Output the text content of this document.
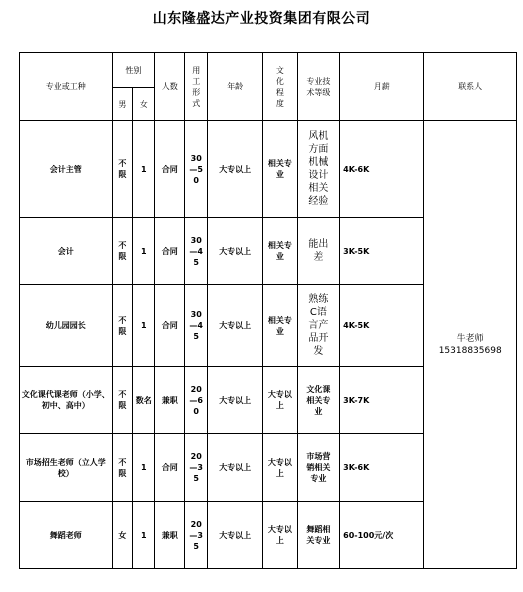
山东隆盛达产业投资集团有限公司
专业或工种	性别		人数	用工形式	年龄	文化程度	专业技术等级	月薪	联系人
	男	女							
会计主管	不限	1	合同	30—50	大专以上	相关专业	风机方面机械设计相关经验	4K-6K	牛老师
15318835698

会计	不限	1	合同	30—45	大专以上	相关专业	能出差	3K-5K	
幼儿园园长	不限	1	合同	30—45	大专以上	相关专业	熟练C语言产品开发	4K-5K	
文化课代课老师（小学、初中、高中）	不限	数名	兼职	20—60	大专以上	大专以上	文化课相关专业	3K-7K	
市场招生老师（立人学校）	不限	1	合同	20—35	大专以上	大专以上	市场营销相关专业	3K-6K	
舞蹈老师	女	1	兼职	20—35	大专以上	大专以上	舞蹈相关专业	60-100元/次	
